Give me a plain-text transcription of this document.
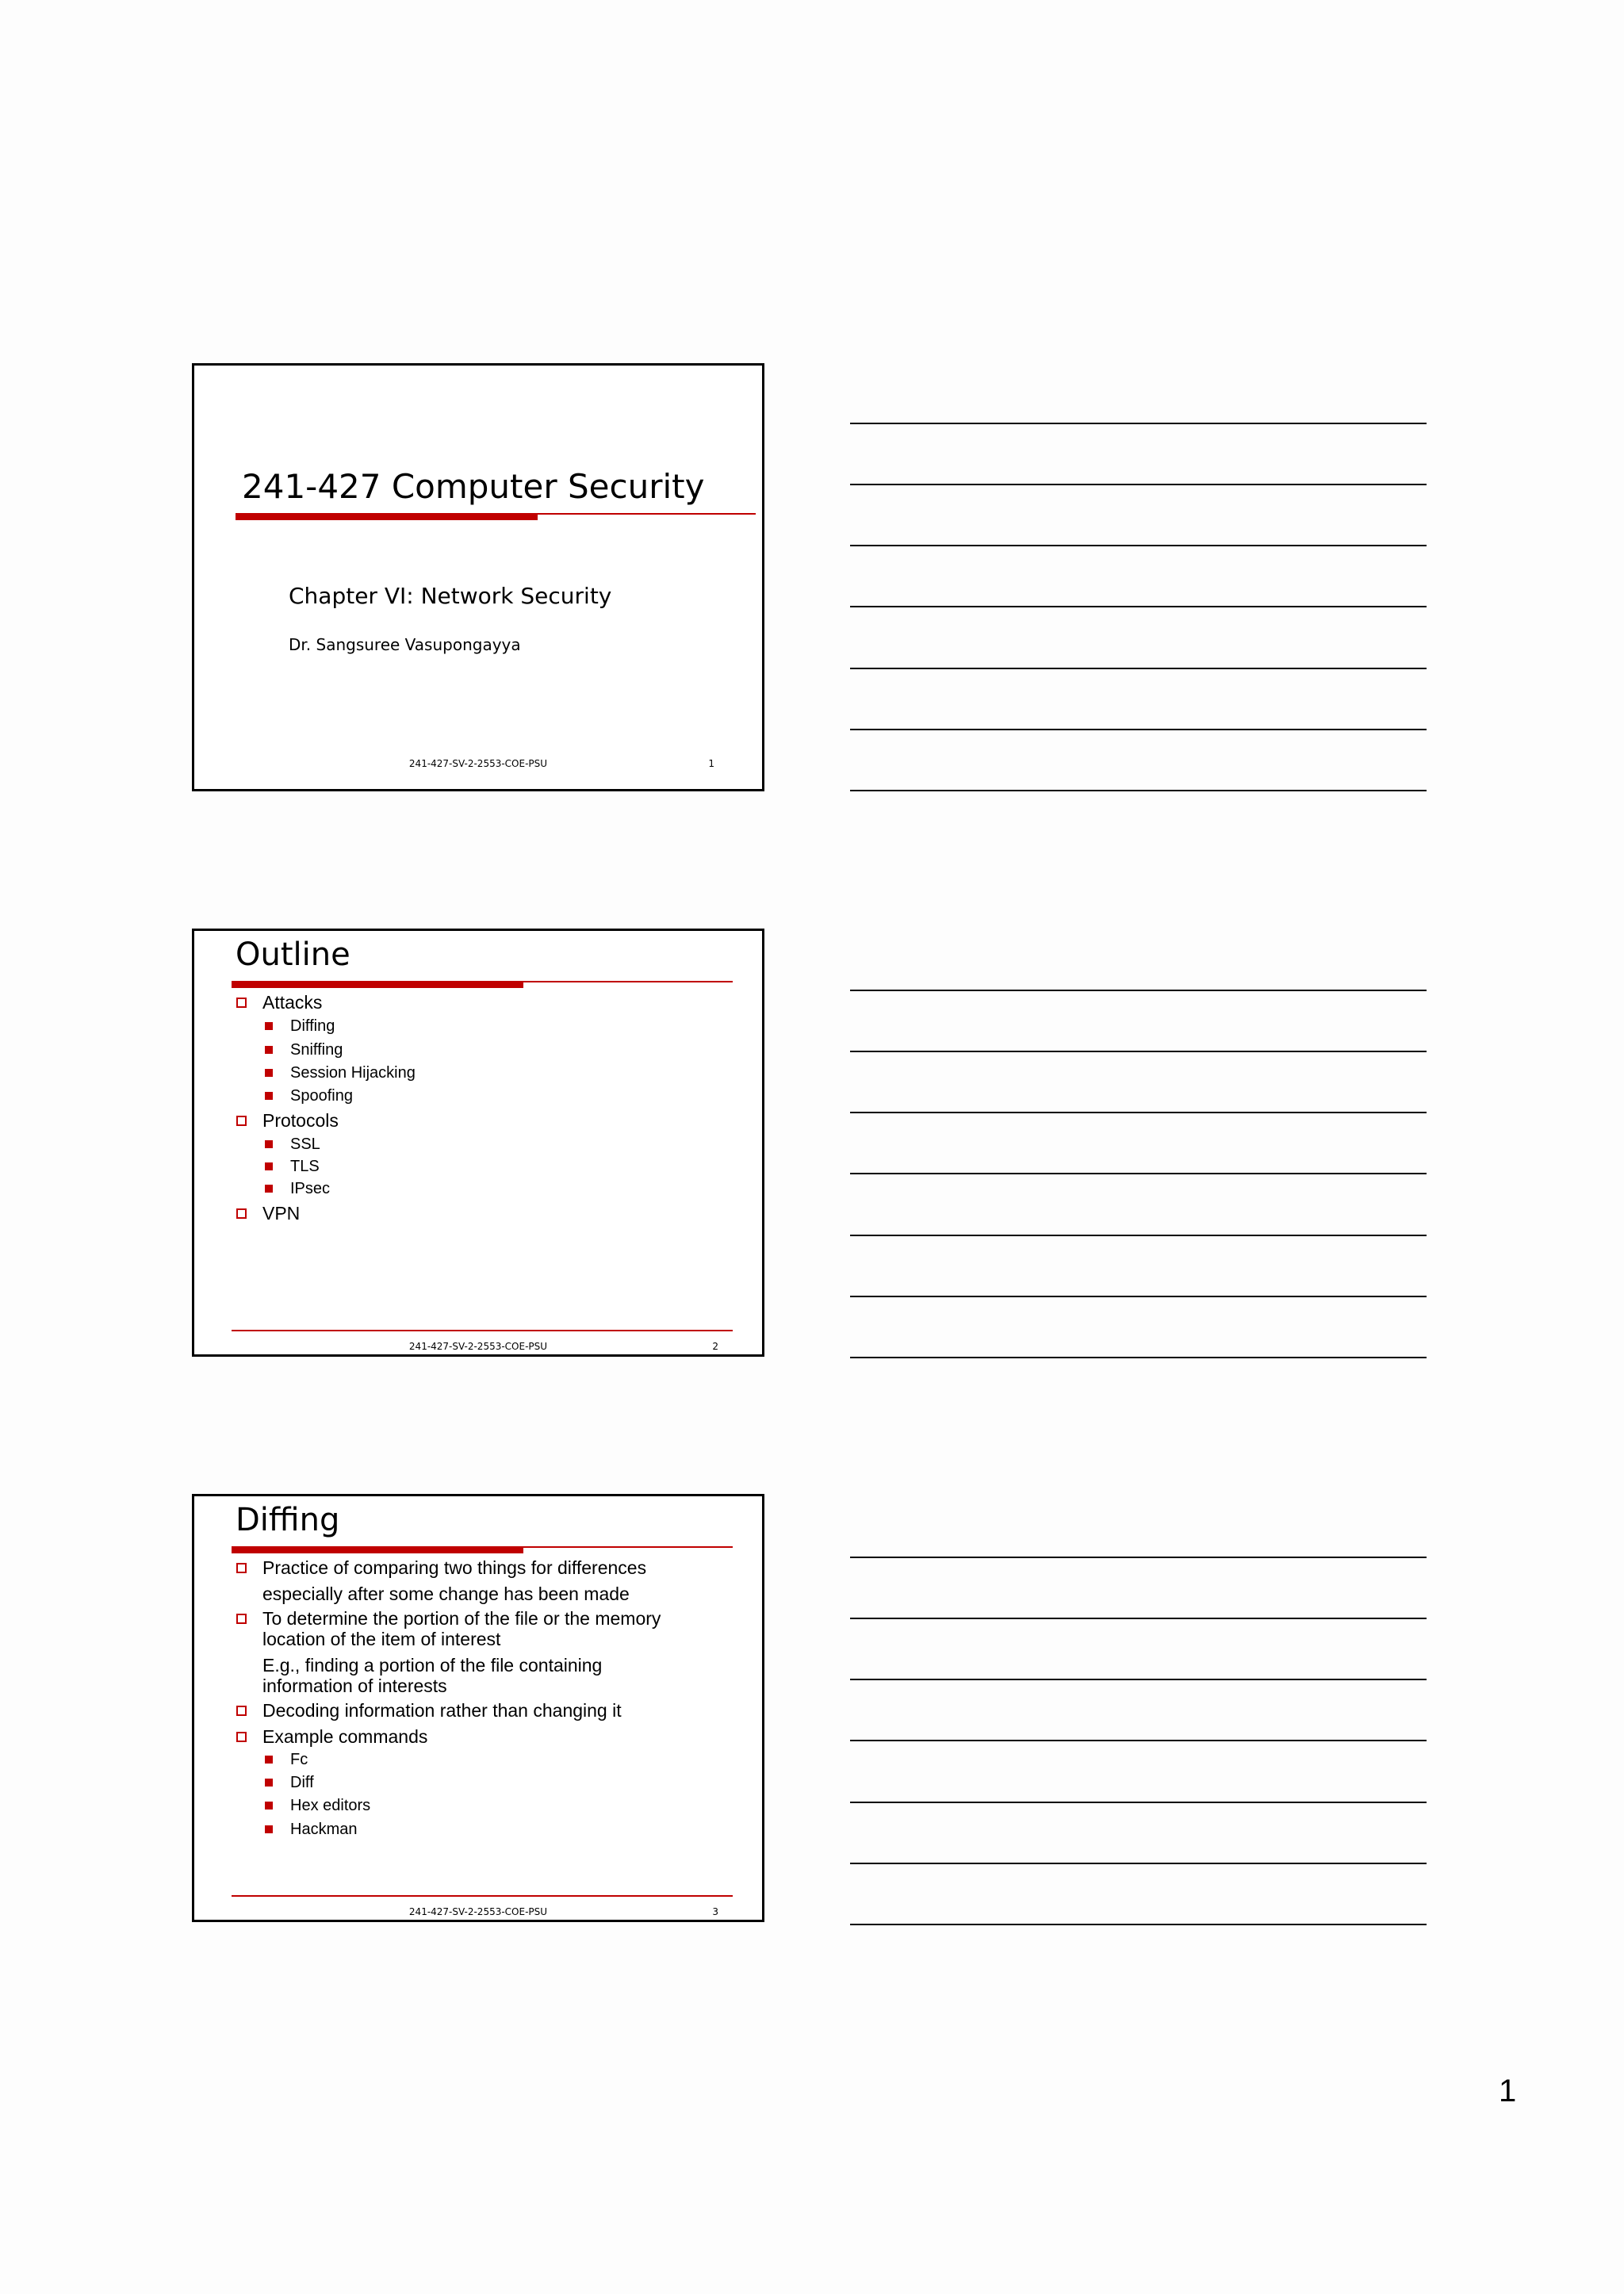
241-427 Computer Security
Chapter VI: Network Security
Dr. Sangsuree Vasupongayya
241-427-SV-2-2553-COE-PSU	1
Outline
Attacks
Diffing
Sniffing
Session Hijacking
Spoofing
Protocols
SSL
TLS
IPsec
VPN
241-427-SV-2-2553-COE-PSU	2
Diffing
Practice of comparing two things for differences
especially after some change has been made
To determine the portion of the file or the memory
location of the item of interest
E.g., finding a portion of the file containing
information of interests
Decoding information rather than changing it
Example commands
Fc
Diff
Hex editors
Hackman
241-427-SV-2-2553-COE-PSU	3
1
